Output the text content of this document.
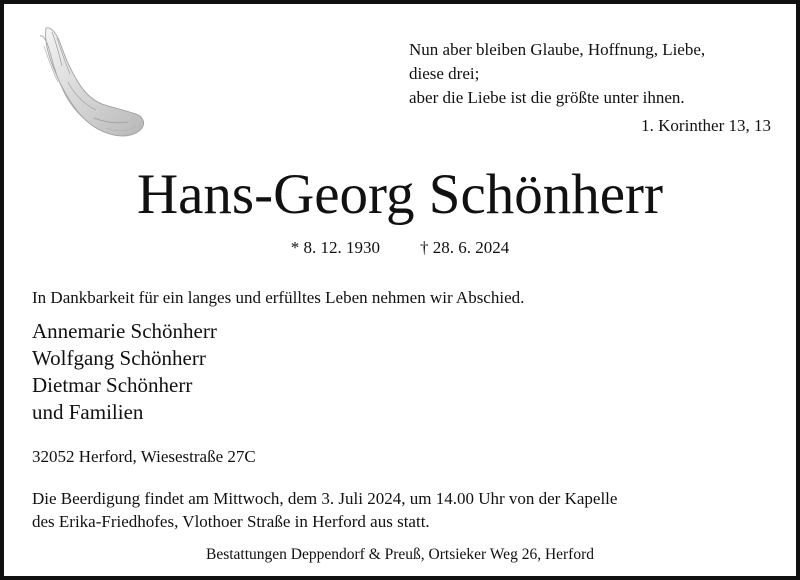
Nun aber bleiben Glaube, Hoffnung, Liebe,
diese drei;
aber die Liebe ist die größte unter ihnen.
1. Korinther 13, 13
Hans-Georg Schönherr
* 8. 12. 1930 † 28. 6. 2024
In Dankbarkeit für ein langes und erfülltes Leben nehmen wir Abschied.
Annemarie Schönherr
Wolfgang Schönherr
Dietmar Schönherr
und Familien
32052 Herford, Wiesestraße 27C
Die Beerdigung findet am Mittwoch, dem 3. Juli 2024, um 14.00 Uhr von der Kapelle
des Erika-Friedhofes, Vlothoer Straße in Herford aus statt.
Bestattungen Deppendorf & Preuß, Ortsieker Weg 26, Herford
